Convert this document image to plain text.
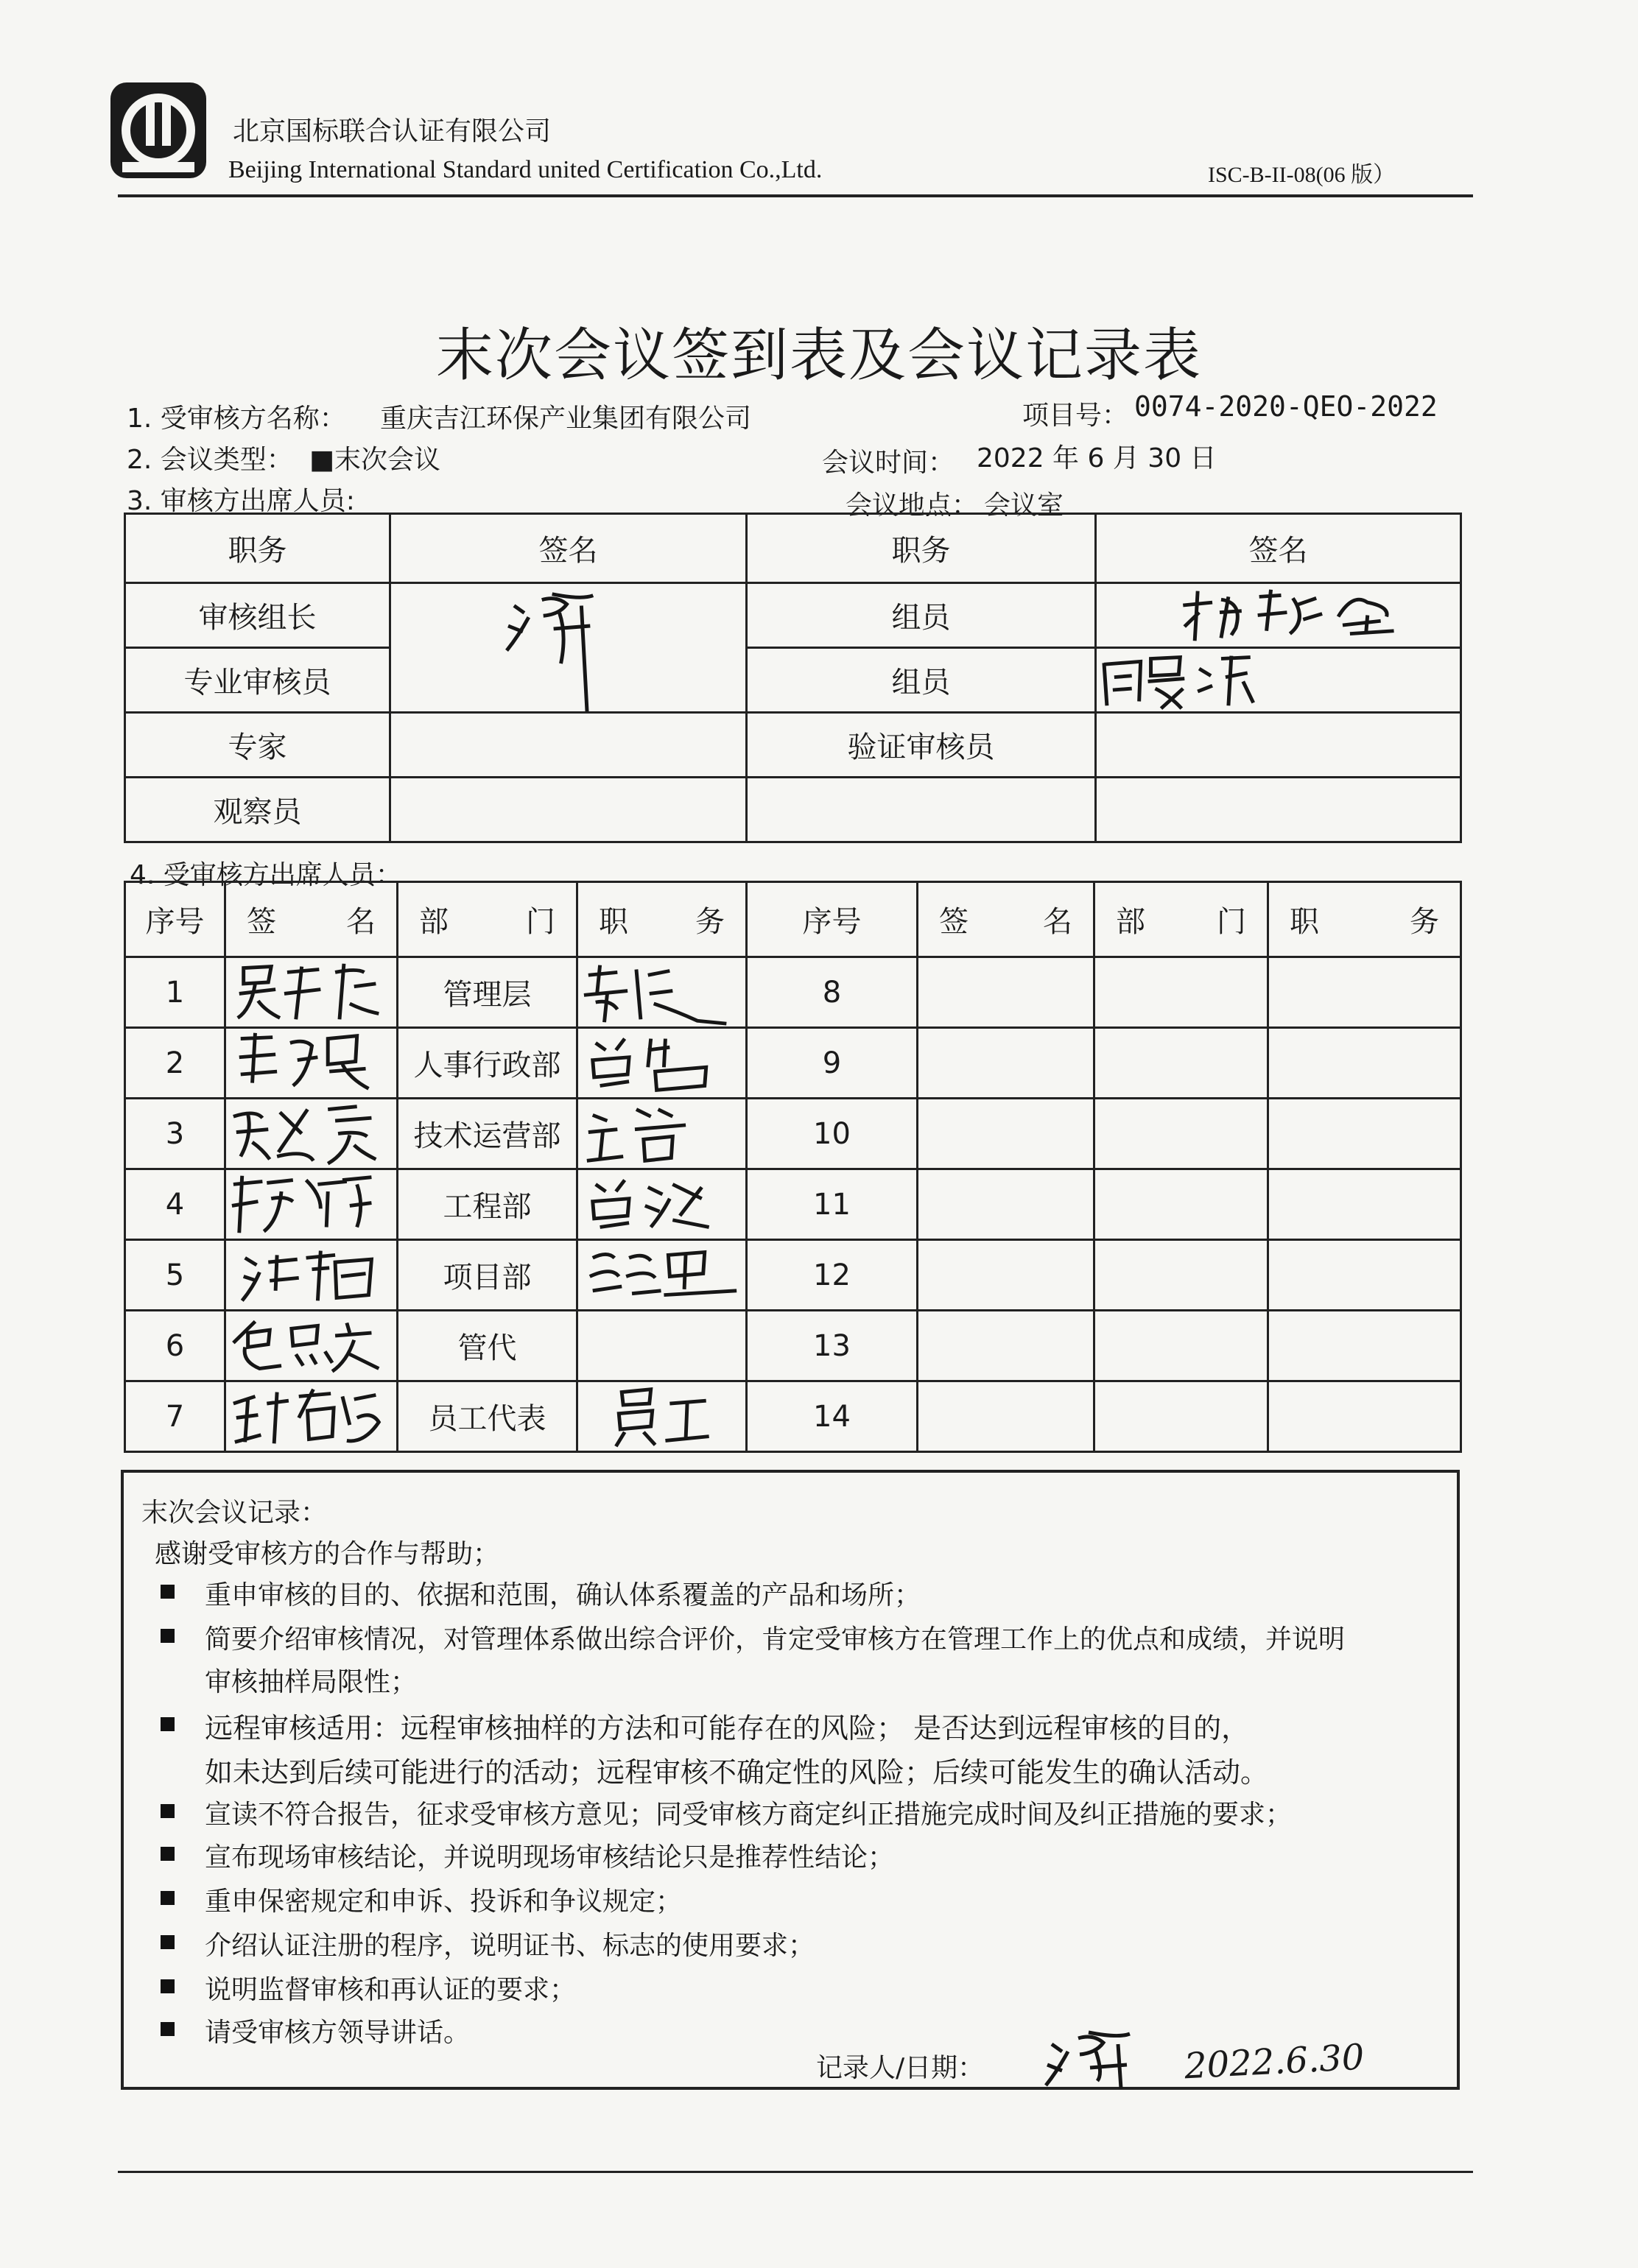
北京国标联合认证有限公司
Beijing International Standard united Certification Co.,Ltd.	ISC-B-II-08(06 版）
末次会议签到表及会议记录表
1. 受审核方名称： 重庆吉江环保产业集团有限公司	项目号： 0074-2020-QEO-2022
2. 会议类型： ■末次会议	会议时间： 2022 年 6 月 30 日
3. 审核方出席人员:	会议地点： 会议室
职务	签名	职务	签名
审核组长		组员	

专业审核员		组员	

专家		验证审核员	
观察员			
4. 受审核方出席人员：
序号	签名	部门	职务	序号	签名	部门	职务
1		管理层		8			
2		人事行政部		9			
3		技术运营部		10			
4		工程部		11			
5		项目部		12			
6		管代		13			
7		员工代表		14			
末次会议记录：
感谢受审核方的合作与帮助；
重申审核的目的、依据和范围，确认体系覆盖的产品和场所；
简要介绍审核情况，对管理体系做出综合评价，肯定受审核方在管理工作上的优点和成绩，并说明
审核抽样局限性；
远程审核适用：远程审核抽样的方法和可能存在的风险； 是否达到远程审核的目的，
如未达到后续可能进行的活动；远程审核不确定性的风险；后续可能发生的确认活动。
宣读不符合报告，征求受审核方意见；同受审核方商定纠正措施完成时间及纠正措施的要求；
宣布现场审核结论，并说明现场审核结论只是推荐性结论；
重申保密规定和申诉、投诉和争议规定；
介绍认证注册的程序，说明证书、标志的使用要求；
说明监督审核和再认证的要求；
请受审核方领导讲话。
记录人/日期：	2022.6.30
